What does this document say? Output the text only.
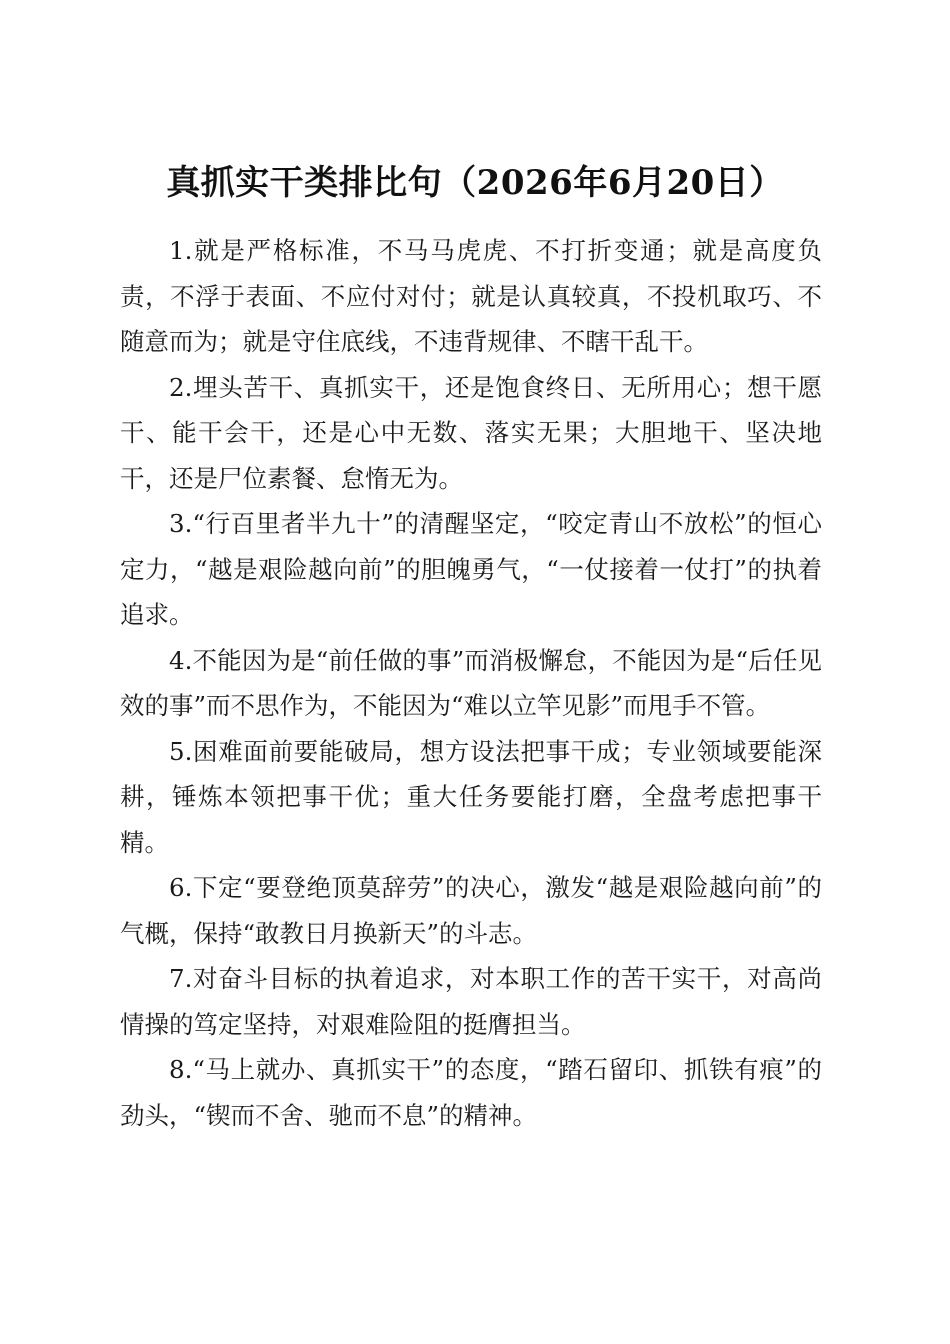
真抓实干类排比句（2026年6月20日）

1.就是严格标准，不马马虎虎、不打折变通；就是高度负责，不浮于表面、不应付对付；就是认真较真，不投机取巧、不随意而为；就是守住底线，不违背规律、不瞎干乱干。

2.埋头苦干、真抓实干，还是饱食终日、无所用心；想干愿干、能干会干，还是心中无数、落实无果；大胆地干、坚决地干，还是尸位素餐、怠惰无为。

3.“行百里者半九十”的清醒坚定，“咬定青山不放松”的恒心定力，“越是艰险越向前”的胆魄勇气，“一仗接着一仗打”的执着追求。

4.不能因为是“前任做的事”而消极懈怠，不能因为是“后任见效的事”而不思作为，不能因为“难以立竿见影”而甩手不管。

5.困难面前要能破局，想方设法把事干成；专业领域要能深耕，锤炼本领把事干优；重大任务要能打磨，全盘考虑把事干精。

6.下定“要登绝顶莫辞劳”的决心，激发“越是艰险越向前”的气概，保持“敢教日月换新天”的斗志。

7.对奋斗目标的执着追求，对本职工作的苦干实干，对高尚情操的笃定坚持，对艰难险阻的挺膺担当。

8.“马上就办、真抓实干”的态度，“踏石留印、抓铁有痕”的劲头，“锲而不舍、驰而不息”的精神。
